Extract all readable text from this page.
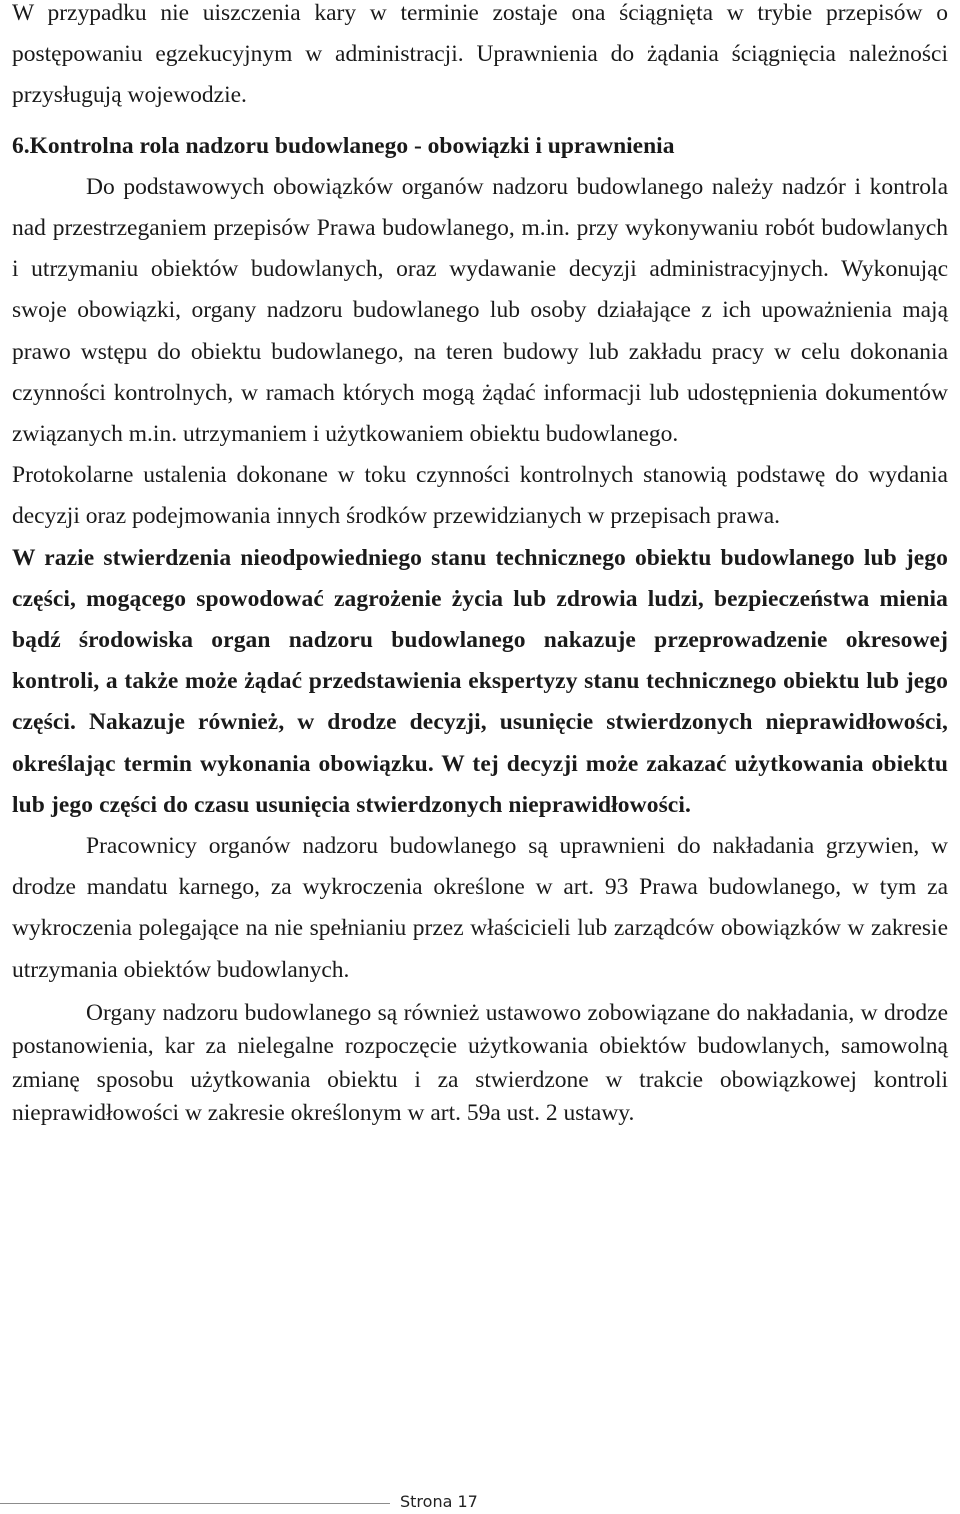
W przypadku nie uiszczenia kary w terminie zostaje ona ściągnięta w trybie przepisów o postępowaniu egzekucyjnym w administracji. Uprawnienia do żądania ściągnięcia należności przysługują wojewodzie.

6.Kontrolna rola nadzoru budowlanego - obowiązki i uprawnienia

Do podstawowych obowiązków organów nadzoru budowlanego należy nadzór i kontrola nad przestrzeganiem przepisów Prawa budowlanego, m.in. przy wykonywaniu robót budowlanych i utrzymaniu obiektów budowlanych, oraz wydawanie decyzji administracyjnych. Wykonując swoje obowiązki, organy nadzoru budowlanego lub osoby działające z ich upoważnienia mają prawo wstępu do obiektu budowlanego, na teren budowy lub zakładu pracy w celu dokonania czynności kontrolnych, w ramach których mogą żądać informacji lub udostępnienia dokumentów związanych m.in. utrzymaniem i użytkowaniem obiektu budowlanego.

Protokolarne ustalenia dokonane w toku czynności kontrolnych stanowią podstawę do wydania decyzji oraz podejmowania innych środków przewidzianych w przepisach prawa.

W razie stwierdzenia nieodpowiedniego stanu technicznego obiektu budowlanego lub jego części, mogącego spowodować zagrożenie życia lub zdrowia ludzi, bezpieczeństwa mienia bądź środowiska organ nadzoru budowlanego nakazuje przeprowadzenie okresowej kontroli, a także może żądać przedstawienia ekspertyzy stanu technicznego obiektu lub jego części. Nakazuje również, w drodze decyzji, usunięcie stwierdzonych nieprawidłowości, określając termin wykonania obowiązku. W tej decyzji może zakazać użytkowania obiektu lub jego części do czasu usunięcia stwierdzonych nieprawidłowości.

Pracownicy organów nadzoru budowlanego są uprawnieni do nakładania grzywien, w drodze mandatu karnego, za wykroczenia określone w art. 93 Prawa budowlanego, w tym za wykroczenia polegające na nie spełnianiu przez właścicieli lub zarządców obowiązków w zakresie utrzymania obiektów budowlanych.

Organy nadzoru budowlanego są również ustawowo zobowiązane do nakładania, w drodze postanowienia, kar za nielegalne rozpoczęcie użytkowania obiektów budowlanych, samowolną zmianę sposobu użytkowania obiektu i za stwierdzone w trakcie obowiązkowej kontroli nieprawidłowości w zakresie określonym w art. 59a ust. 2 ustawy.

Strona 17
